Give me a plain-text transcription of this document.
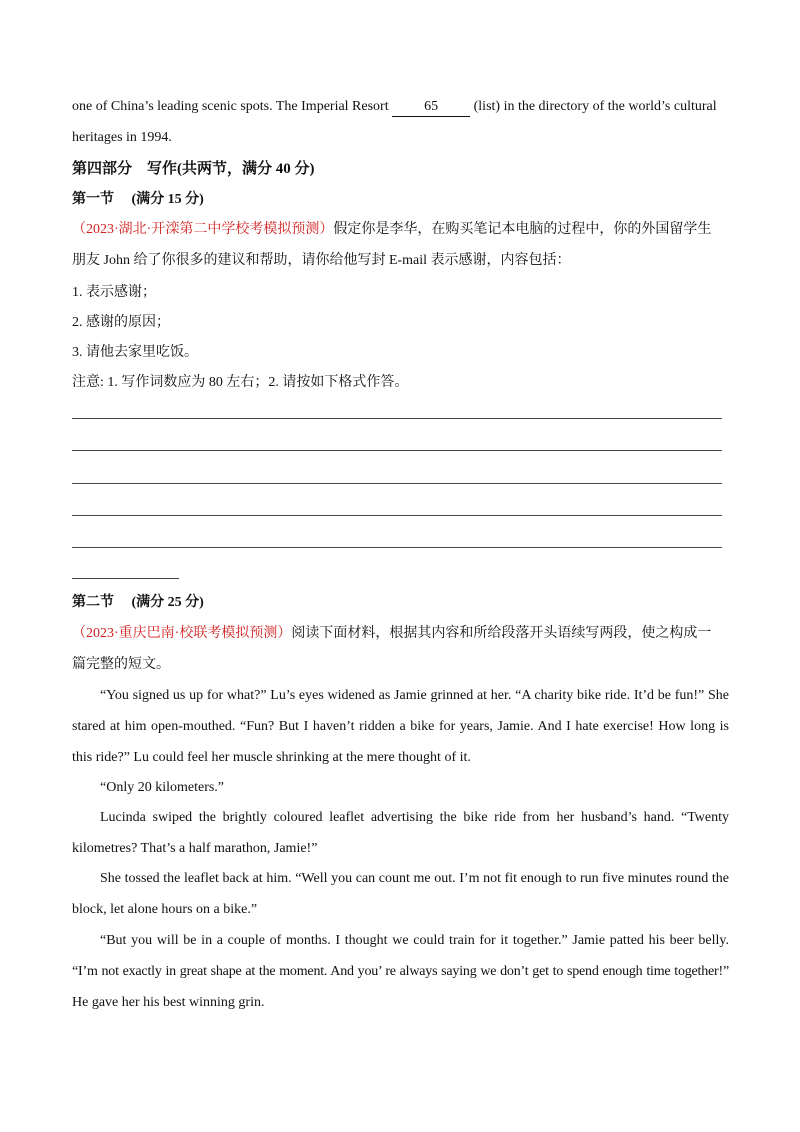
one of China’s leading scenic spots. The Imperial Resort 65 (list) in the directory of the world’s cultural
heritages in 1994.
第四部分　写作(共两节，满分 40 分)
第一节　 (满分 15 分)
（2023·湖北·开滦第二中学校考模拟预测）假定你是李华，在购买笔记本电脑的过程中，你的外国留学生
朋友 John 给了你很多的建议和帮助，请你给他写封 E-mail 表示感谢，内容包括：
1. 表示感谢；
2. 感谢的原因；
3. 请他去家里吃饭。
注意: 1. 写作词数应为 80 左右；2. 请按如下格式作答。
第二节　 (满分 25 分)
（2023·重庆巴南·校联考模拟预测）阅读下面材料，根据其内容和所给段落开头语续写两段，使之构成一
篇完整的短文。
“You signed us up for what?” Lu’s eyes widened as Jamie grinned at her. “A charity bike ride. It’d be fun!” She
stared at him open-mouthed. “Fun? But I haven’t ridden a bike for years, Jamie. And I hate exercise! How long is
this ride?” Lu could feel her muscle shrinking at the mere thought of it.
“Only 20 kilometers.”
Lucinda swiped the brightly coloured leaflet advertising the bike ride from her husband’s hand. “Twenty
kilometres? That’s a half marathon, Jamie!”
She tossed the leaflet back at him. “Well you can count me out. I’m not fit enough to run five minutes round the
block, let alone hours on a bike.”
“But you will be in a couple of months. I thought we could train for it together.” Jamie patted his beer belly.
“I’m not exactly in great shape at the moment. And you’ re always saying we don’t get to spend enough time together!”
He gave her his best winning grin.
